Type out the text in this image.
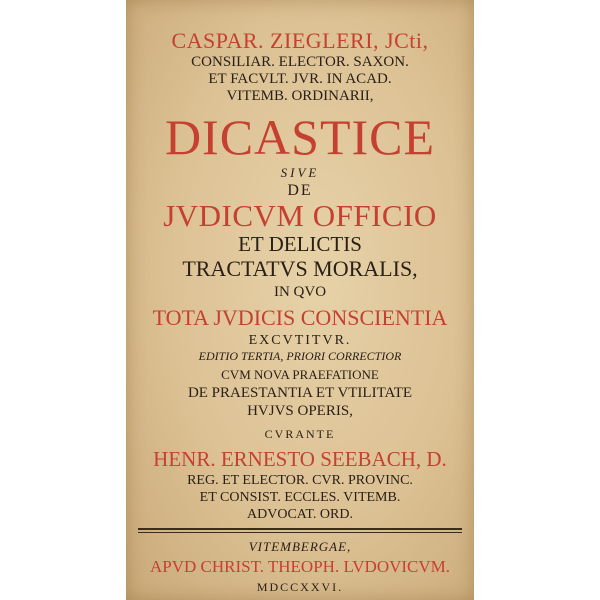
CASPAR. ZIEGLERI, JCti,
CONSILIAR. ELECTOR. SAXON.
ET FACVLT. JVR. IN ACAD.
VITEMB. ORDINARII,
DICASTICE
SIVE
DE
JVDICVM OFFICIO
ET DELICTIS
TRACTATVS MORALIS,
IN QVO
TOTA JVDICIS CONSCIENTIA
EXCVTITVR.
EDITIO TERTIA, PRIORI CORRECTIOR
CVM NOVA PRAEFATIONE
DE PRAESTANTIA ET VTILITATE
HVJVS OPERIS,
CVRANTE
HENR. ERNESTO SEEBACH, D.
REG. ET ELECTOR. CVR. PROVINC.
ET CONSIST. ECCLES. VITEMB.
ADVOCAT. ORD.
VITEMBERGAE,
APVD CHRIST. THEOPH. LVDOVICVM.
MDCCXXVI.
